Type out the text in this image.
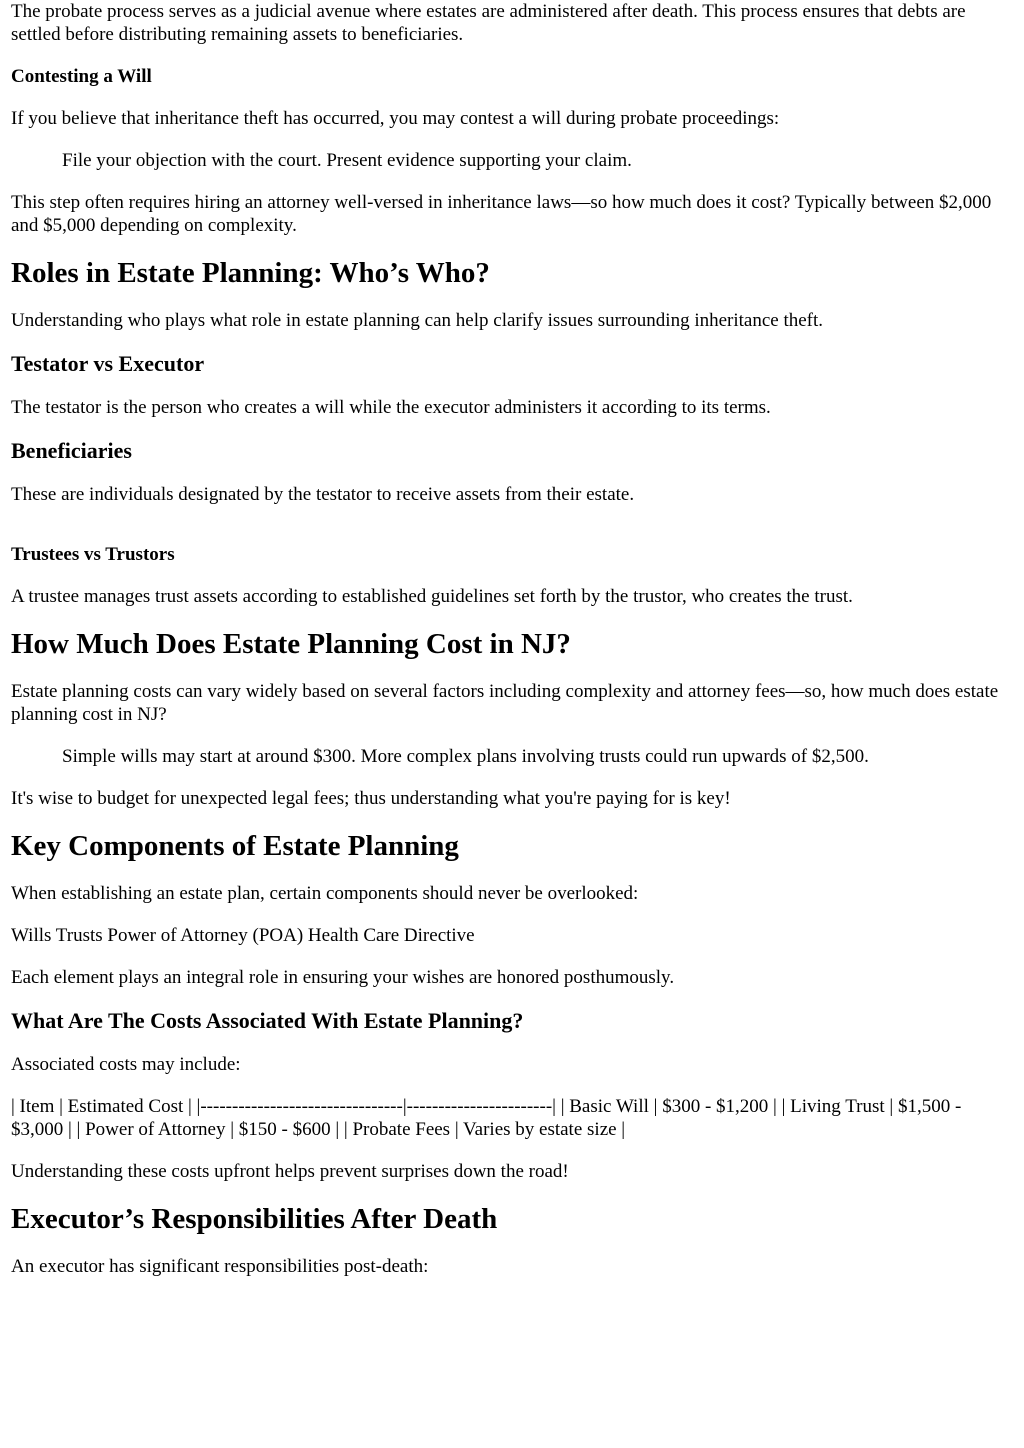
The probate process serves as a judicial avenue where estates are administered after death. This process ensures that debts are settled before distributing remaining assets to beneficiaries.

Contesting a Will

If you believe that inheritance theft has occurred, you may contest a will during probate proceedings:

File your objection with the court. Present evidence supporting your claim.

This step often requires hiring an attorney well-versed in inheritance laws—so how much does it cost? Typically between $2,000 and $5,000 depending on complexity.

Roles in Estate Planning: Who’s Who?

Understanding who plays what role in estate planning can help clarify issues surrounding inheritance theft.

Testator vs Executor

The testator is the person who creates a will while the executor administers it according to its terms.

Beneficiaries

These are individuals designated by the testator to receive assets from their estate.

Trustees vs Trustors

A trustee manages trust assets according to established guidelines set forth by the trustor, who creates the trust.

How Much Does Estate Planning Cost in NJ?

Estate planning costs can vary widely based on several factors including complexity and attorney fees—so, how much does estate planning cost in NJ?

Simple wills may start at around $300. More complex plans involving trusts could run upwards of $2,500.

It's wise to budget for unexpected legal fees; thus understanding what you're paying for is key!

Key Components of Estate Planning

When establishing an estate plan, certain components should never be overlooked:

Wills Trusts Power of Attorney (POA) Health Care Directive

Each element plays an integral role in ensuring your wishes are honored posthumously.

What Are The Costs Associated With Estate Planning?

Associated costs may include:

| Item | Estimated Cost | |--------------------------------|-----------------------| | Basic Will | $300 - $1,200 | | Living Trust | $1,500 - $3,000 | | Power of Attorney | $150 - $600 | | Probate Fees | Varies by estate size |

Understanding these costs upfront helps prevent surprises down the road!

Executor’s Responsibilities After Death

An executor has significant responsibilities post-death:
